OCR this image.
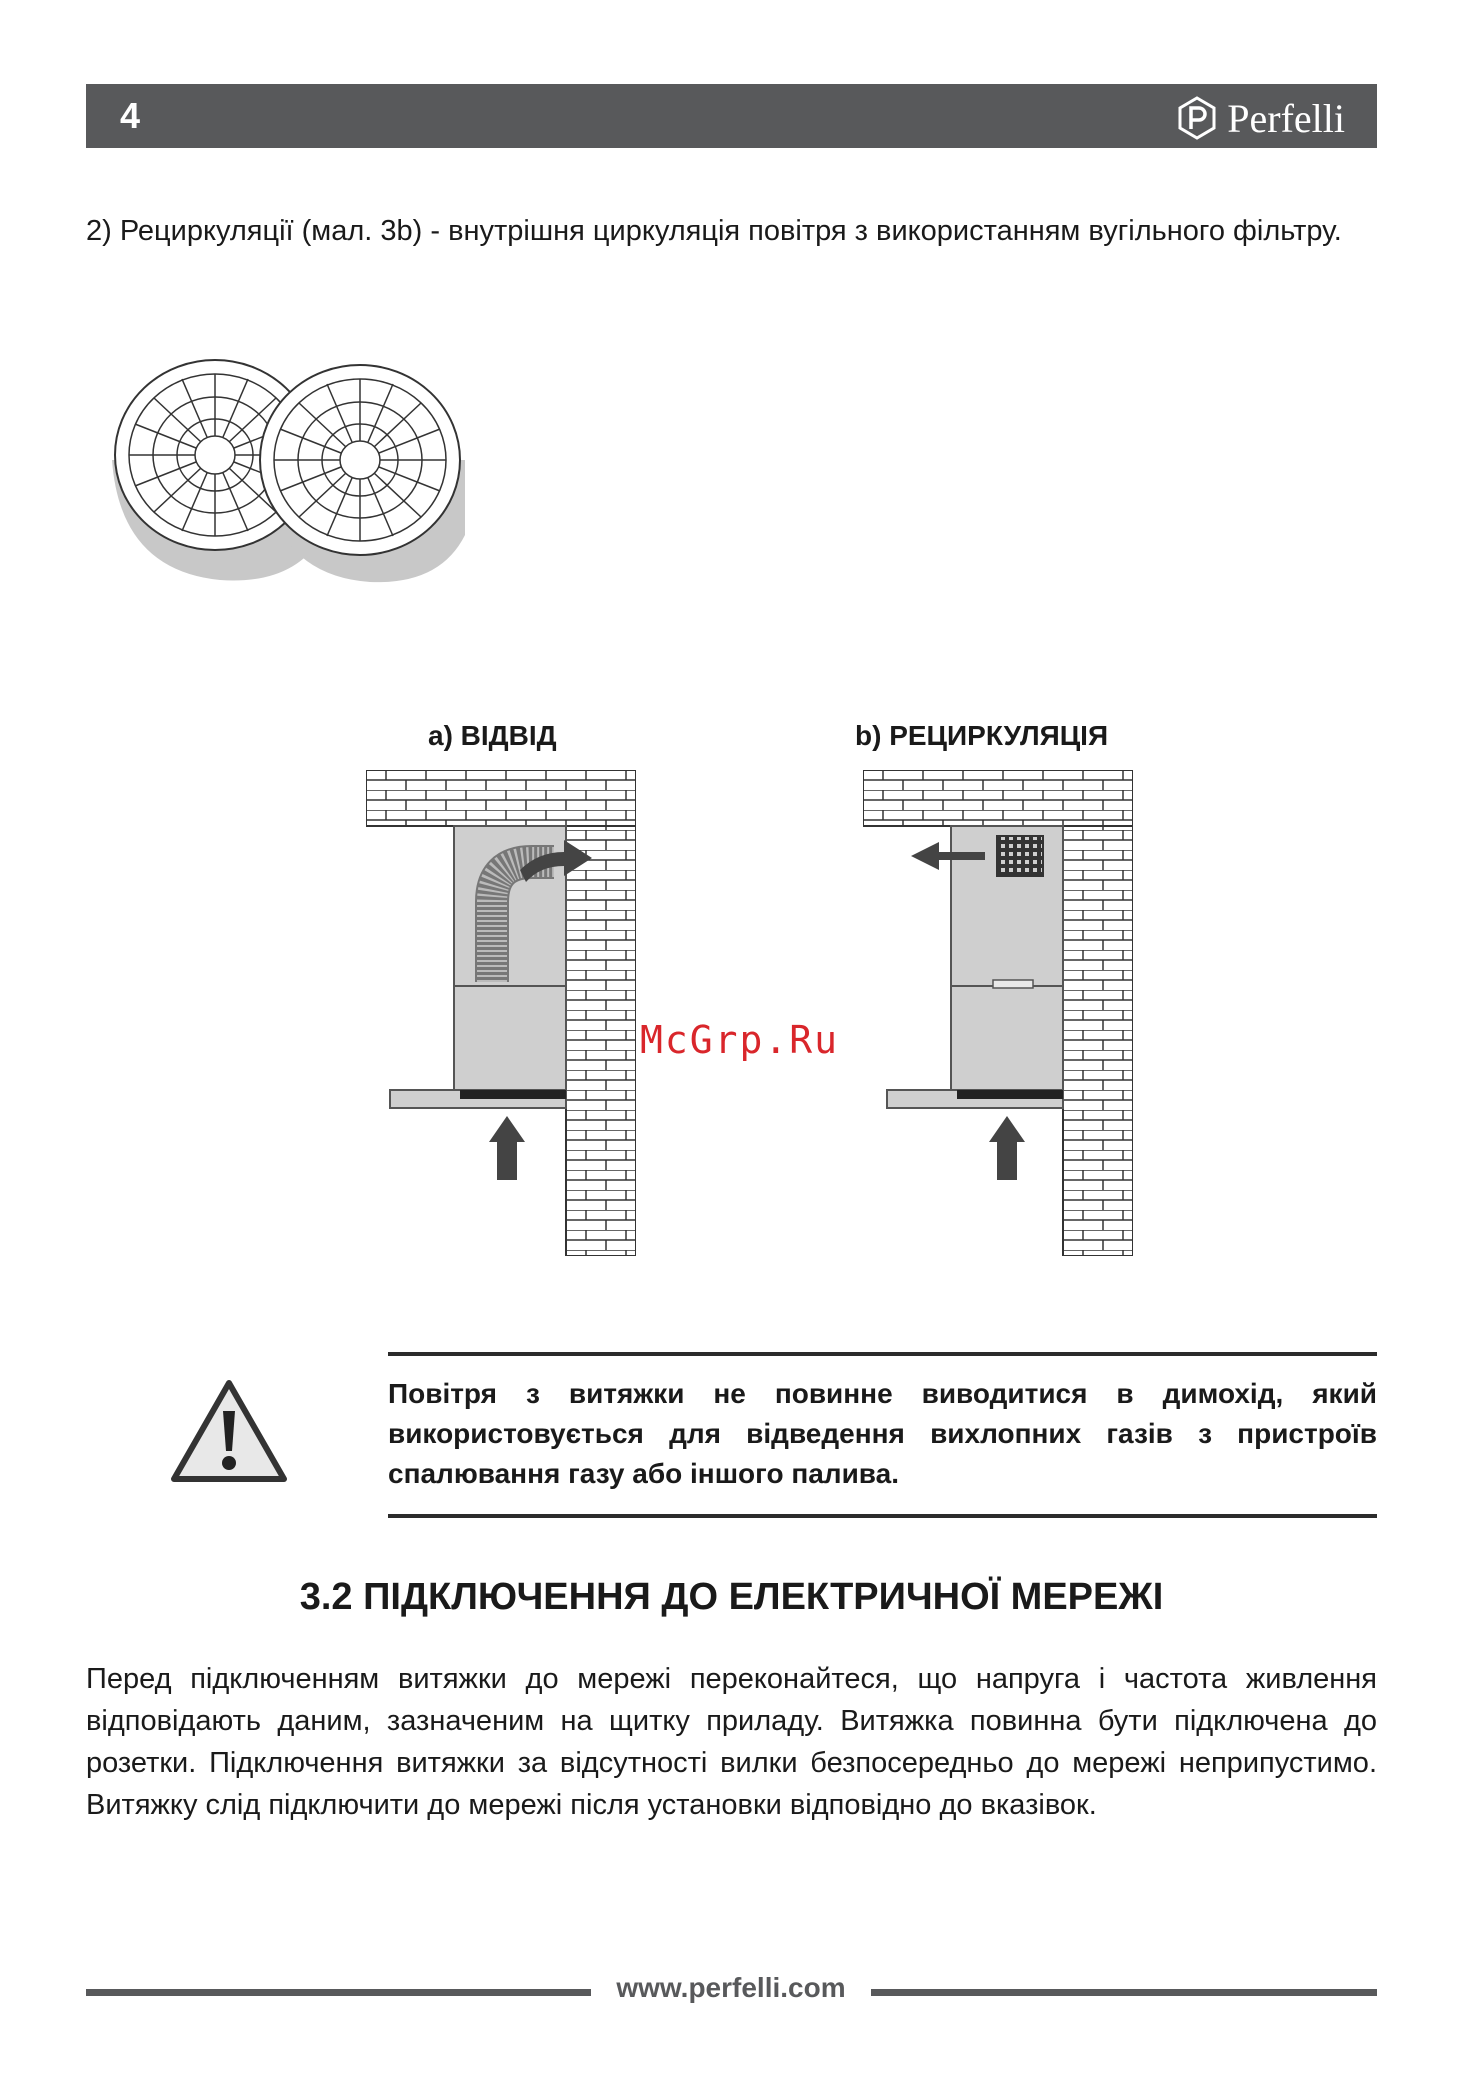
4	Perfelli
2) Рециркуляції (мал. 3b) - внутрішня циркуляція повітря з використанням вугільного фільтру.
а) ВІДВІД	b) РЕЦИРКУЛЯЦІЯ
McGrp.Ru
Повітря з витяжки не повинне виводитися в димохід, який використовується для відведення вихлопних газів з пристроїв спалювання газу або іншого палива.
3.2 ПІДКЛЮЧЕННЯ ДО ЕЛЕКТРИЧНОЇ МЕРЕЖІ
Перед підключенням витяжки до мережі переконайтеся, що напруга і частота живлення відповідають даним, зазначеним на щитку приладу. Витяжка повинна бути підключена до розетки. Підключення витяжки за відсутності вилки безпосередньо до мережі неприпустимо. Витяжку слід підключити до мережі після установки відповідно до вказівок.
www.perfelli.com
